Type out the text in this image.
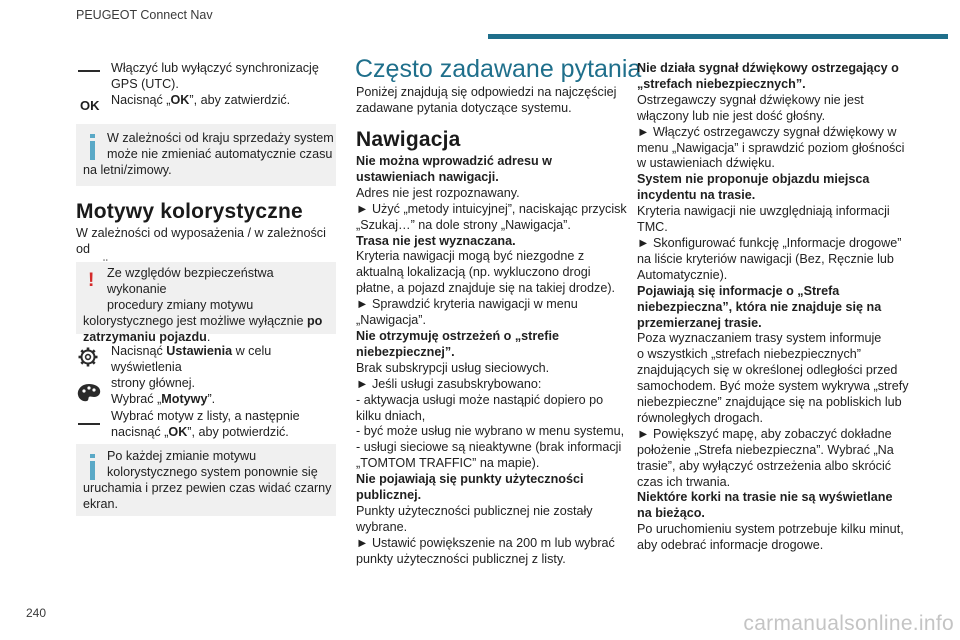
PEUGEOT Connect Nav
OK
Włączyć lub wyłączyć synchronizację
GPS (UTC).
Nacisnąć „OK”, aby zatwierdzić.
W zależności od kraju sprzedaży system
może nie zmieniać automatycznie czasu
na letni/zimowy.
Motywy kolorystyczne
W zależności od wyposażenia / w zależności od
!	Ze względów bezpieczeństwa wykonanie
procedury zmiany motywu
kolorystycznego jest możliwe wyłącznie po
zatrzymaniu pojazdu.
Nacisnąć Ustawienia w celu wyświetlenia
strony głównej.
Wybrać „Motywy”.
Wybrać motyw z listy, a następnie
nacisnąć „OK”, aby potwierdzić.
Po każdej zmianie motywu
kolorystycznego system ponownie się
uruchamia i przez pewien czas widać czarny
ekran.
Często zadawane pytania
Poniżej znajdują się odpowiedzi na najczęściej
zadawane pytania dotyczące systemu.
Nawigacja
Nie można wprowadzić adresu w
ustawieniach nawigacji.
Adres nie jest rozpoznawany.
► Użyć „metody intuicyjnej”, naciskając przycisk
„Szukaj…” na dole strony „Nawigacja”.
Trasa nie jest wyznaczana.
Kryteria nawigacji mogą być niezgodne z
aktualną lokalizacją (np. wykluczono drogi
płatne, a pojazd znajduje się na takiej drodze).
► Sprawdzić kryteria nawigacji w menu
„Nawigacja”.
Nie otrzymuję ostrzeżeń o „strefie
niebezpiecznej”.
Brak subskrypcji usług sieciowych.
► Jeśli usługi zasubskrybowano:
- aktywacja usługi może nastąpić dopiero po
kilku dniach,
- być może usług nie wybrano w menu systemu,
- usługi sieciowe są nieaktywne (brak informacji
„TOMTOM TRAFFIC” na mapie).
Nie pojawiają się punkty użyteczności
publicznej.
Punkty użyteczności publicznej nie zostały
wybrane.
► Ustawić powiększenie na 200 m lub wybrać
punkty użyteczności publicznej z listy.
Nie działa sygnał dźwiękowy ostrzegający o
„strefach niebezpiecznych”.
Ostrzegawczy sygnał dźwiękowy nie jest
włączony lub nie jest dość głośny.
► Włączyć ostrzegawczy sygnał dźwiękowy w
menu „Nawigacja” i sprawdzić poziom głośności
w ustawieniach dźwięku.
System nie proponuje objazdu miejsca
incydentu na trasie.
Kryteria nawigacji nie uwzględniają informacji
TMC.
► Skonfigurować funkcję „Informacje drogowe”
na liście kryteriów nawigacji (Bez, Ręcznie lub
Automatycznie).
Pojawiają się informacje o „Strefa
niebezpieczna”, która nie znajduje się na
przemierzanej trasie.
Poza wyznaczaniem trasy system informuje
o wszystkich „strefach niebezpiecznych”
znajdujących się w określonej odległości przed
samochodem. Być może system wykrywa „strefy
niebezpieczne” znajdujące się na pobliskich lub
równoległych drogach.
► Powiększyć mapę, aby zobaczyć dokładne
położenie „Strefa niebezpieczna”. Wybrać „Na
trasie”, aby wyłączyć ostrzeżenia albo skrócić
czas ich trwania.
Niektóre korki na trasie nie są wyświetlane
na bieżąco.
Po uruchomieniu system potrzebuje kilku minut,
aby odebrać informacje drogowe.
240	carmanualsonline.info
